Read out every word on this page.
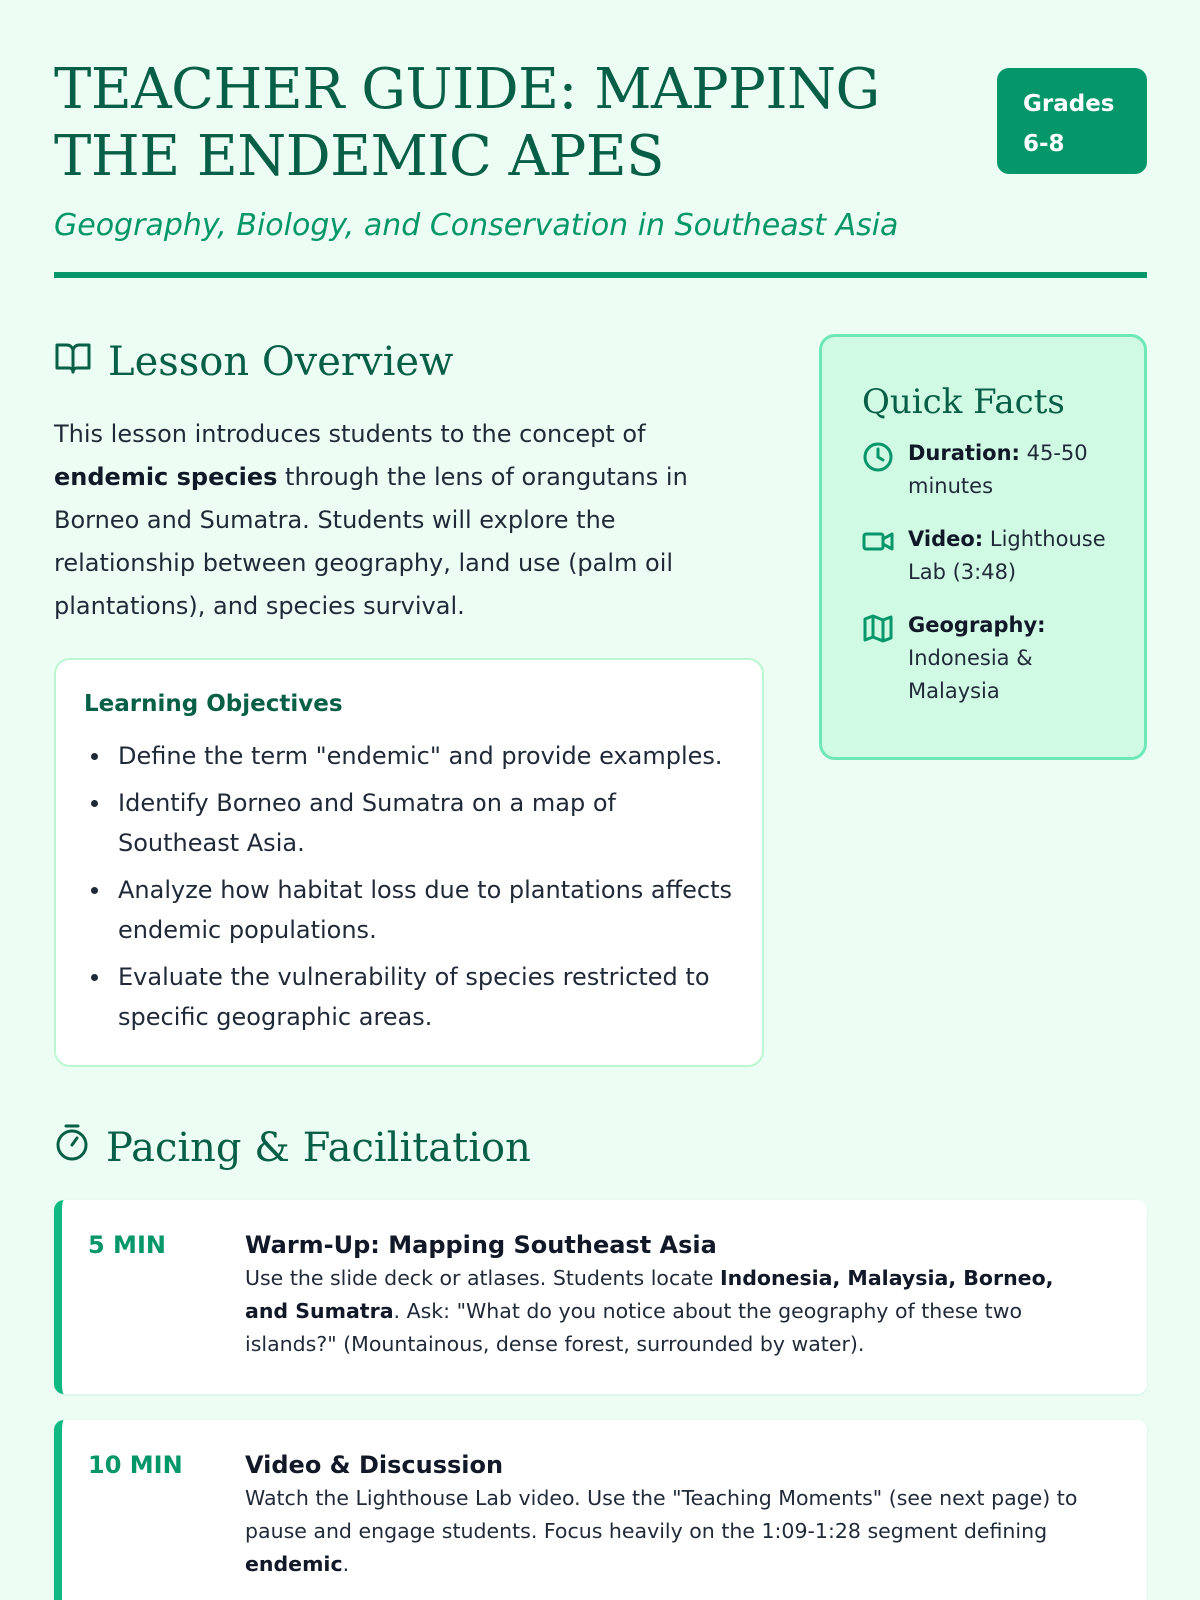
TEACHER GUIDE: MAPPING THE ENDEMIC APES
Geography, Biology, and Conservation in Southeast Asia
Grades
6-8
Lesson Overview

This lesson introduces students to the concept of endemic species through the lens of orangutans in Borneo and Sumatra. Students will explore the relationship between geography, land use (palm oil plantations), and species survival.

Learning Objectives
Define the term "endemic" and provide examples.
Identify Borneo and Sumatra on a map of Southeast Asia.
Analyze how habitat loss due to plantations affects endemic populations.
Evaluate the vulnerability of species restricted to specific geographic areas.
Quick Facts
Duration: 45-50 minutes
Video: Lighthouse Lab (3:48)
Geography:
Indonesia & Malaysia
Pacing & Facilitation
5 MIN	Warm-Up: Mapping Southeast Asia

Use the slide deck or atlases. Students locate Indonesia, Malaysia, Borneo, and Sumatra. Ask: "What do you notice about the geography of these two islands?" (Mountainous, dense forest, surrounded by water).

10 MIN	Video & Discussion

Watch the Lighthouse Lab video. Use the "Teaching Moments" (see next page) to pause and engage students. Focus heavily on the 1:09-1:28 segment defining endemic.
